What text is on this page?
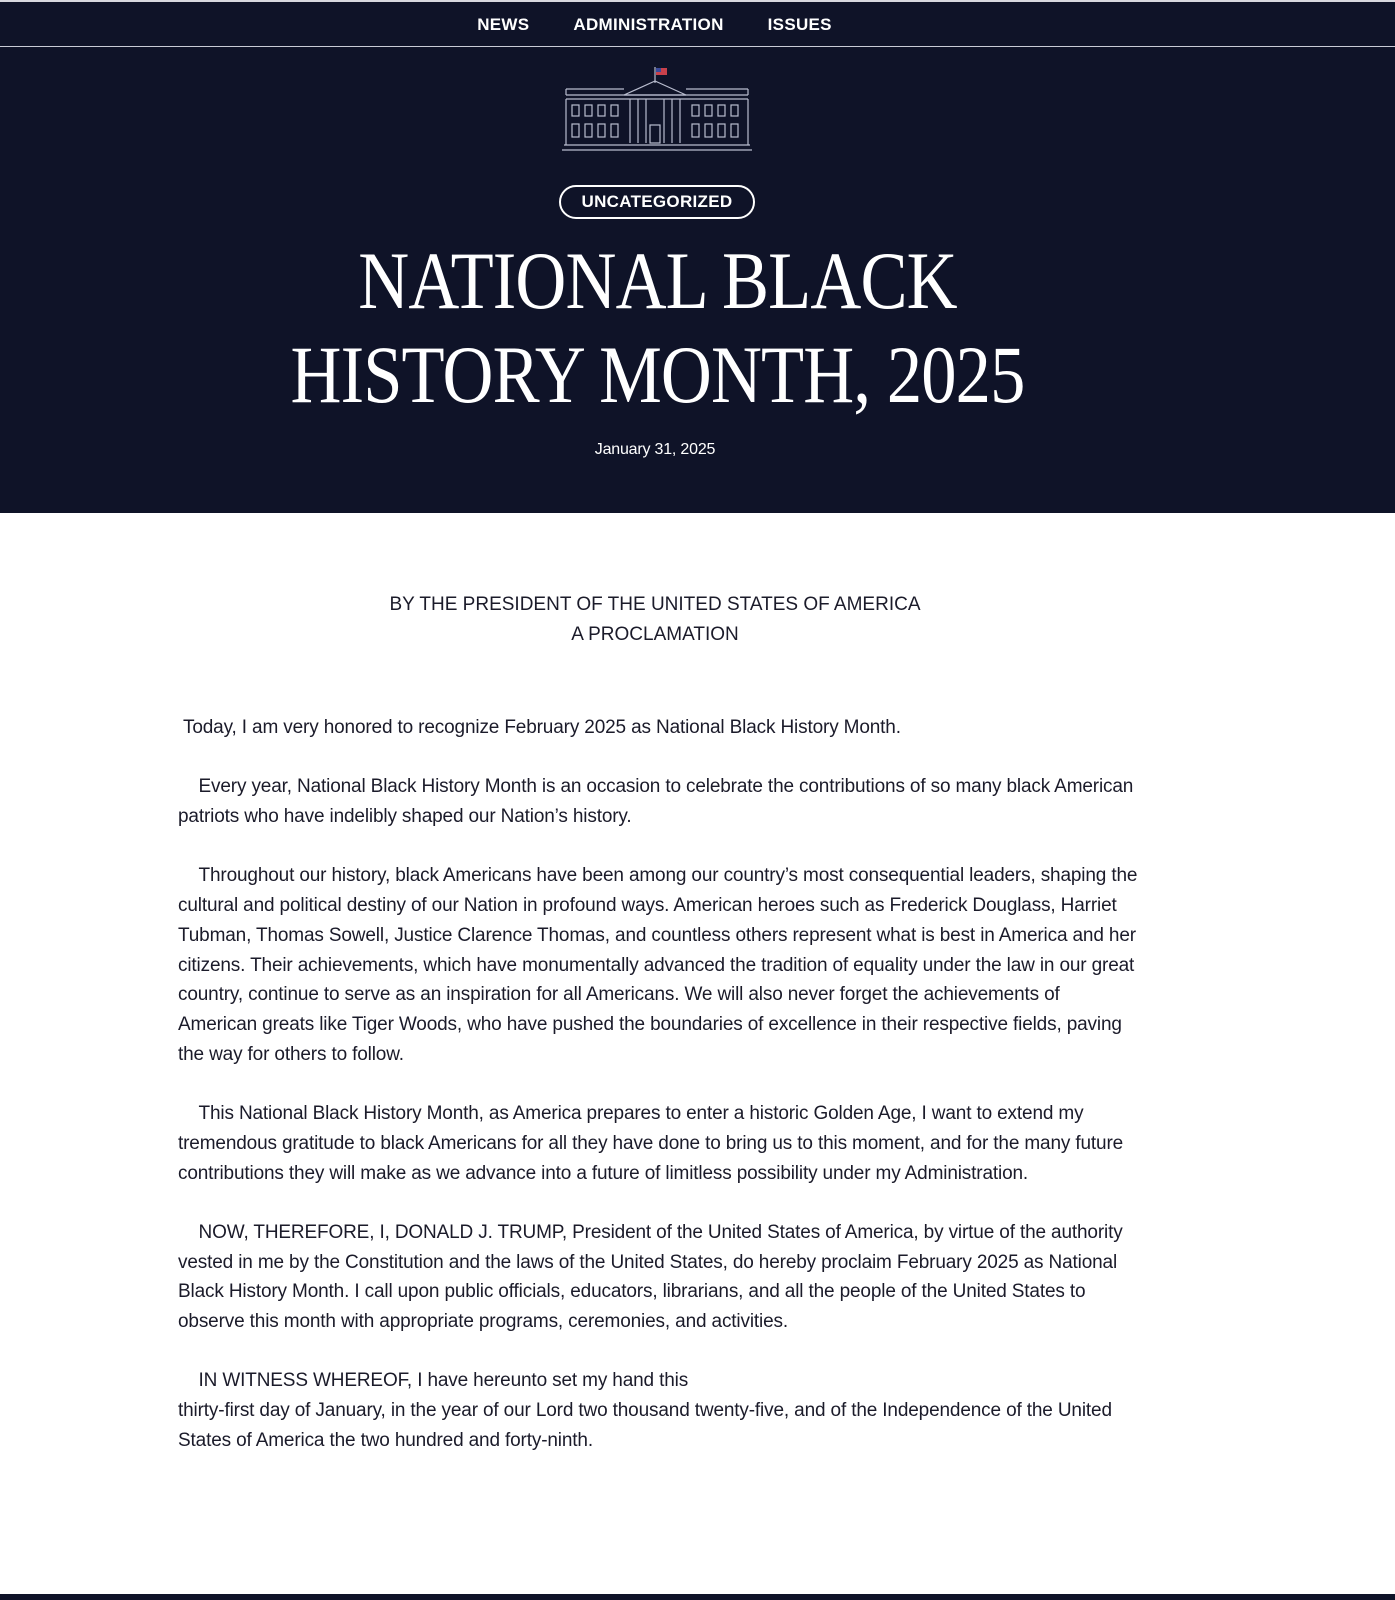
NEWS	ADMINISTRATION	ISSUES
UNCATEGORIZED
NATIONAL BLACK HISTORY MONTH, 2025
January 31, 2025
BY THE PRESIDENT OF THE UNITED STATES OF AMERICA
A PROCLAMATION

Today, I am very honored to recognize February 2025 as National Black History Month.

Every year, National Black History Month is an occasion to celebrate the contributions of so many black American patriots who have indelibly shaped our Nation’s history.

Throughout our history, black Americans have been among our country’s most consequential leaders, shaping the cultural and political destiny of our Nation in profound ways. American heroes such as Frederick Douglass, Harriet Tubman, Thomas Sowell, Justice Clarence Thomas, and countless others represent what is best in America and her citizens. Their achievements, which have monumentally advanced the tradition of equality under the law in our great country, continue to serve as an inspiration for all Americans. We will also never forget the achievements of American greats like Tiger Woods, who have pushed the boundaries of excellence in their respective fields, paving the way for others to follow.

This National Black History Month, as America prepares to enter a historic Golden Age, I want to extend my tremendous gratitude to black Americans for all they have done to bring us to this moment, and for the many future contributions they will make as we advance into a future of limitless possibility under my Administration.

NOW, THEREFORE, I, DONALD J. TRUMP, President of the United States of America, by virtue of the authority vested in me by the Constitution and the laws of the United States, do hereby proclaim February 2025 as National Black History Month. I call upon public officials, educators, librarians, and all the people of the United States to observe this month with appropriate programs, ceremonies, and activities.

IN WITNESS WHEREOF, I have hereunto set my hand this

thirty-first day of January, in the year of our Lord two thousand twenty-five, and of the Independence of the United States of America the two hundred and forty-ninth.
